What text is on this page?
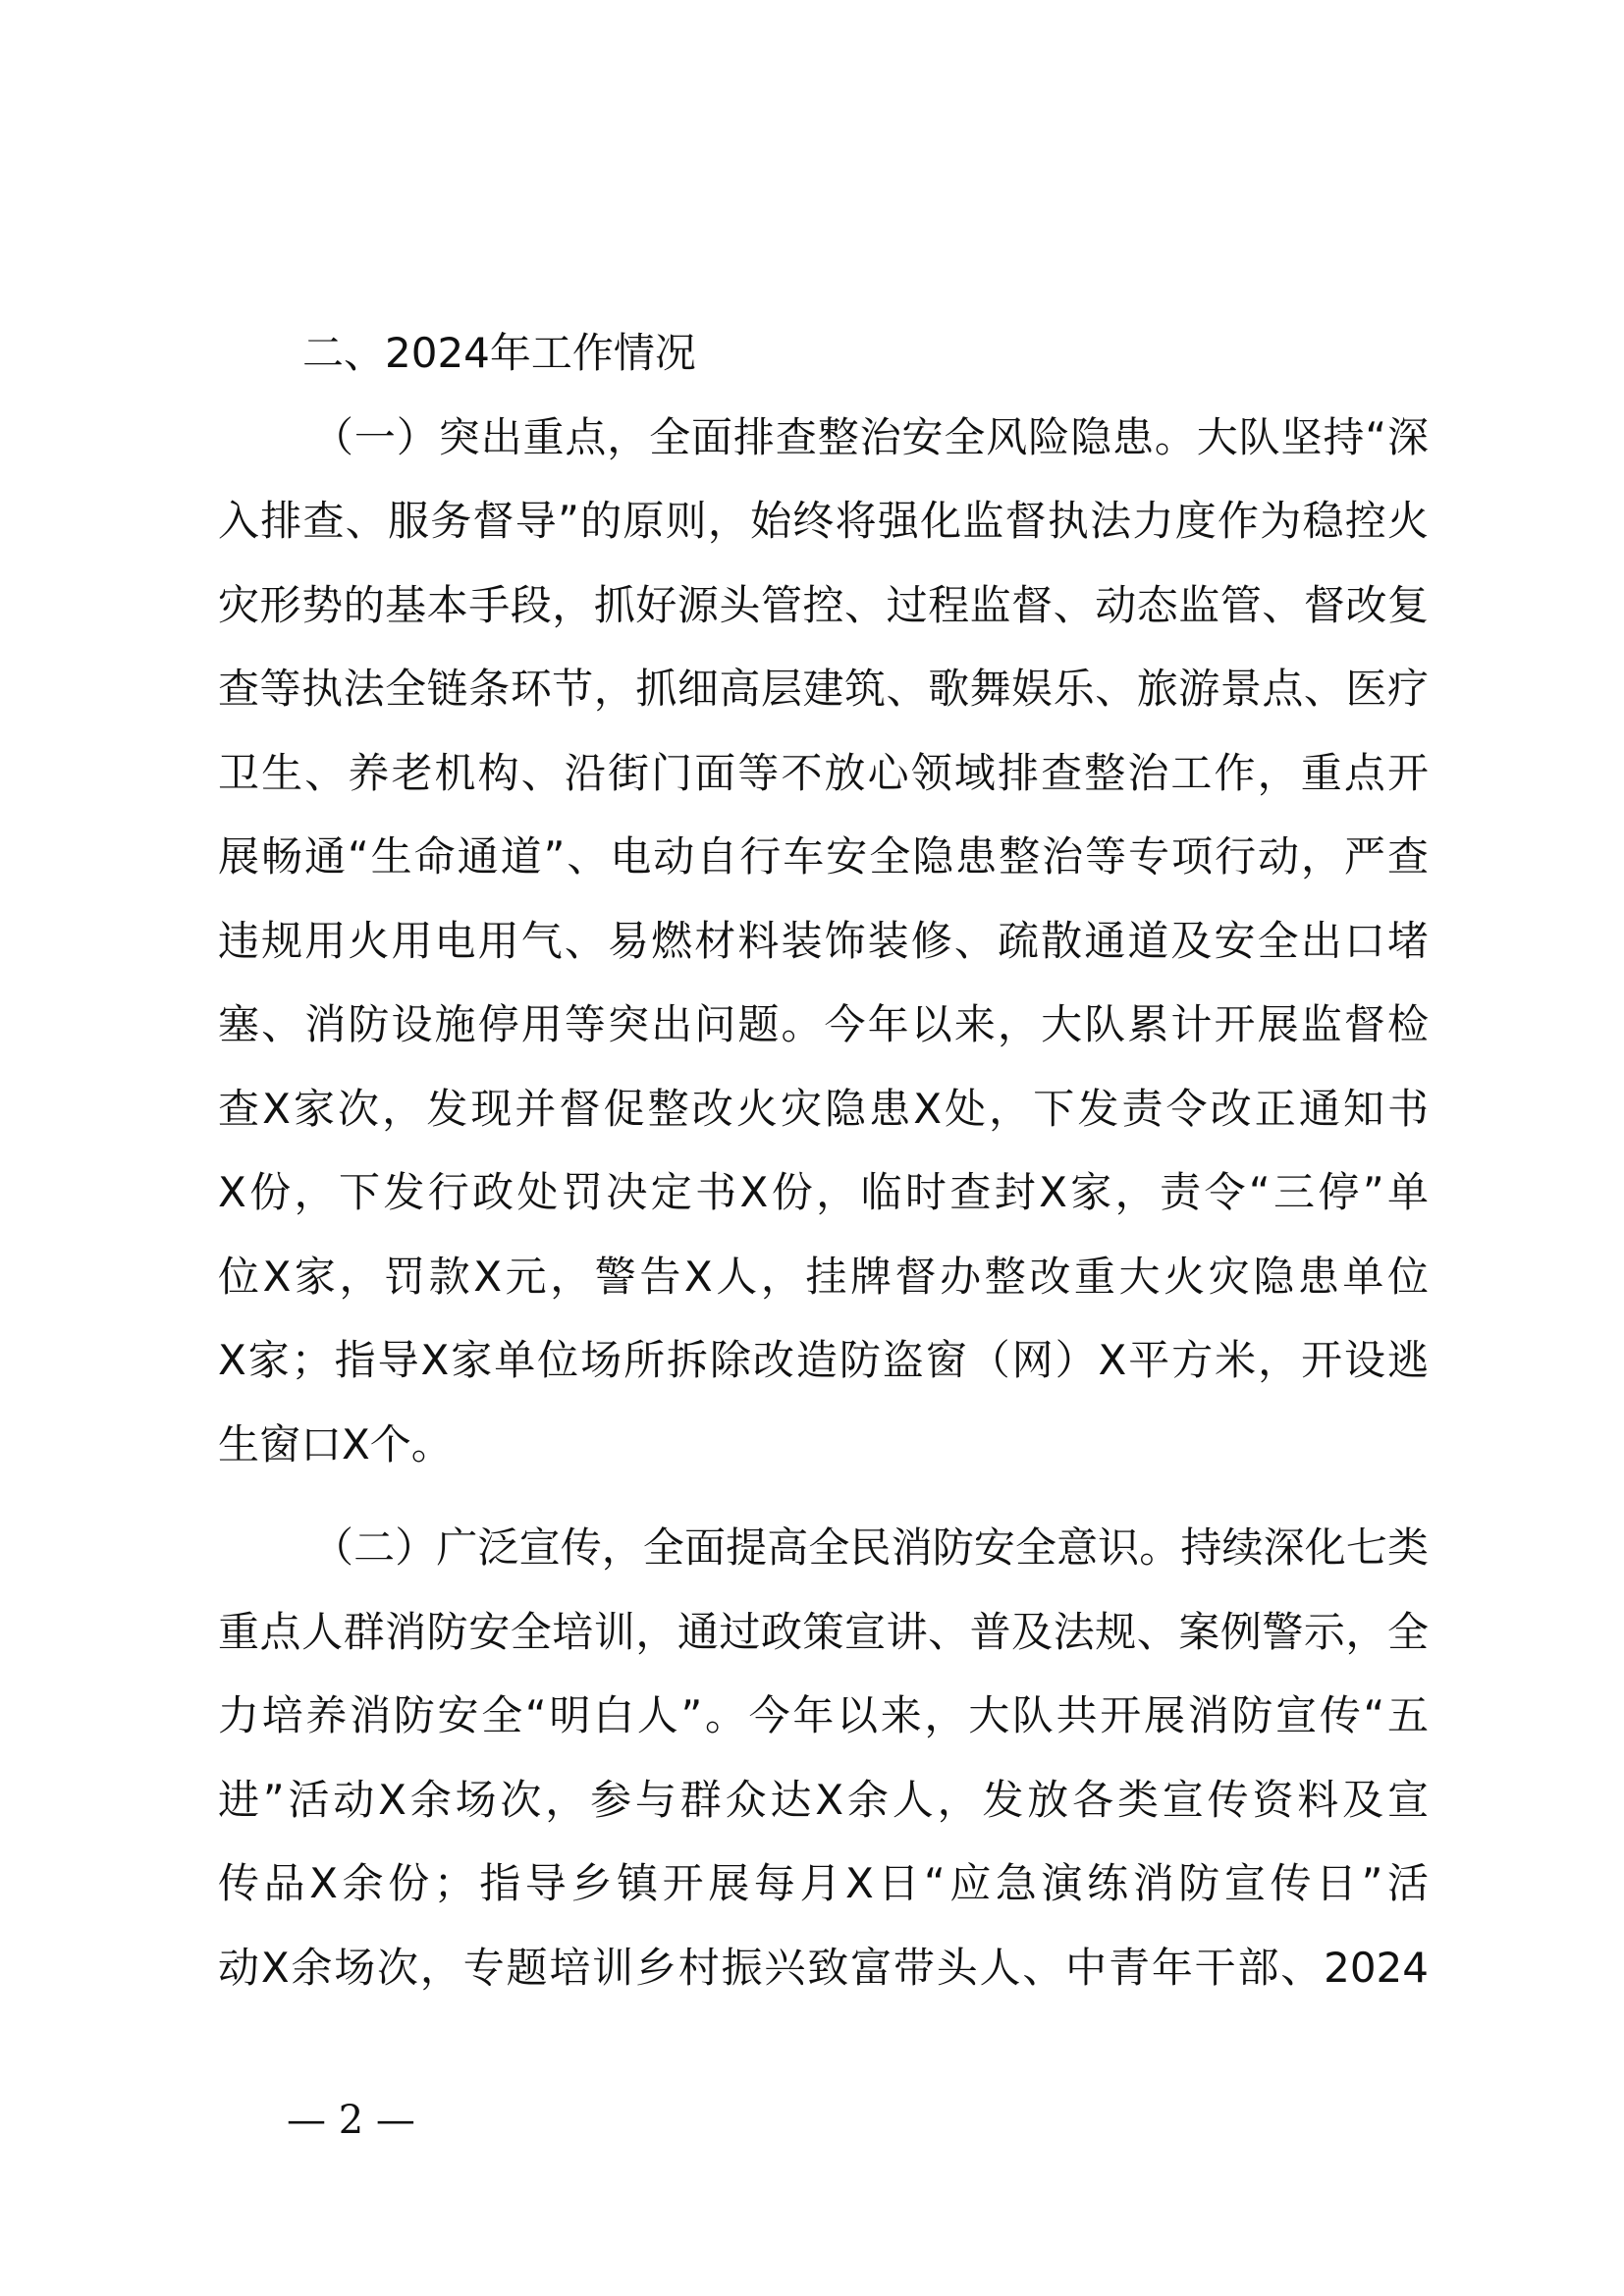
二、2024年工作情况
（一）突出重点，全面排查整治安全风险隐患。大队坚持“深
入排查、服务督导”的原则，始终将强化监督执法力度作为稳控火
灾形势的基本手段，抓好源头管控、过程监督、动态监管、督改复
查等执法全链条环节，抓细高层建筑、歌舞娱乐、旅游景点、医疗
卫生、养老机构、沿街门面等不放心领域排查整治工作，重点开
展畅通“生命通道”、电动自行车安全隐患整治等专项行动，严查
违规用火用电用气、易燃材料装饰装修、疏散通道及安全出口堵
塞、消防设施停用等突出问题。今年以来，大队累计开展监督检
查X家次，发现并督促整改火灾隐患X处，下发责令改正通知书
X份，下发行政处罚决定书X份，临时查封X家，责令“三停”单
位X家，罚款X元，警告X人，挂牌督办整改重大火灾隐患单位
X家；指导X家单位场所拆除改造防盗窗（网）X平方米，开设逃
生窗口X个。
（二）广泛宣传，全面提高全民消防安全意识。持续深化七类
重点人群消防安全培训，通过政策宣讲、普及法规、案例警示，全
力培养消防安全“明白人”。今年以来，大队共开展消防宣传“五
进”活动X余场次，参与群众达X余人，发放各类宣传资料及宣
传品X余份；指导乡镇开展每月X日“应急演练消防宣传日”活
动X余场次，专题培训乡村振兴致富带头人、中青年干部、2024
— 2 —
